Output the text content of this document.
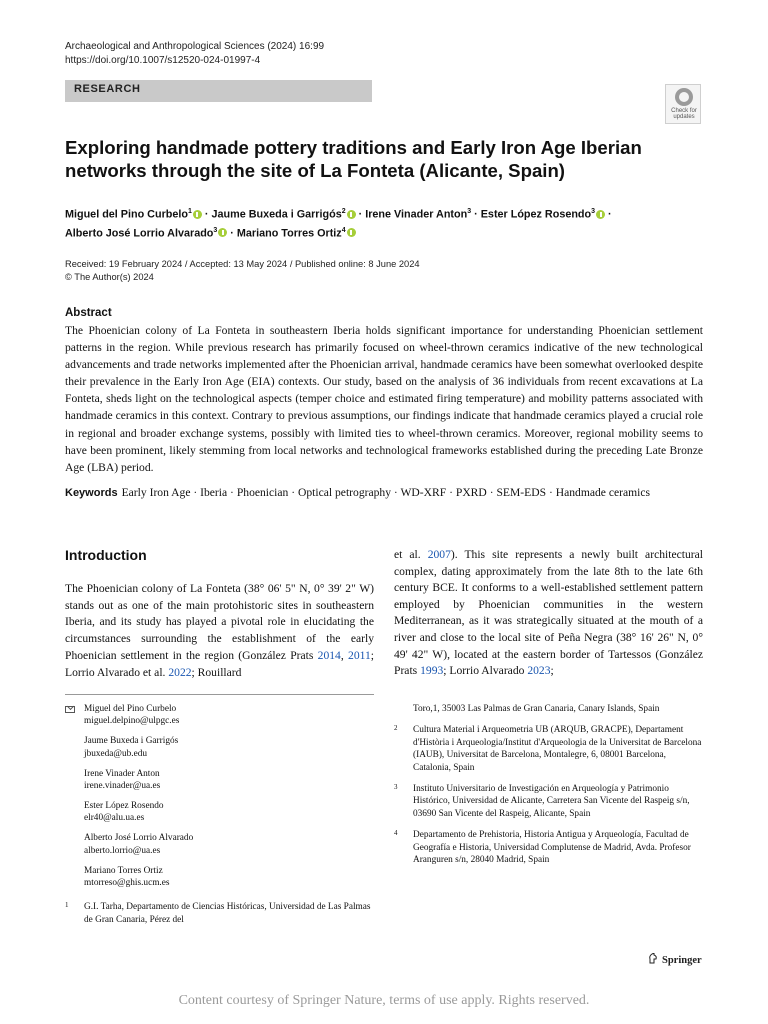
Archaeological and Anthropological Sciences (2024) 16:99
https://doi.org/10.1007/s12520-024-01997-4
RESEARCH
Check for
updates
Exploring handmade pottery traditions and Early Iron Age Iberian networks through the site of La Fonteta (Alicante, Spain)
Miguel del Pino Curbelo$^1$ · Jaume Buxeda i Garrigós$^2$ · Irene Vinader Anton$^3$ · Ester López Rosendo$^3$ ·
Alberto José Lorrio Alvarado$^3$ · Mariano Torres Ortiz$^4$
Received: 19 February 2024 / Accepted: 13 May 2024 / Published online: 8 June 2024
© The Author(s) 2024
Abstract

The Phoenician colony of La Fonteta in southeastern Iberia holds significant importance for understanding Phoenician settlement patterns in the region. While previous research has primarily focused on wheel-thrown ceramics indicative of the new technological advancements and trade networks implemented after the Phoenician arrival, handmade ceramics have been somewhat overlooked despite their prevalence in the Early Iron Age (EIA) contexts. Our study, based on the analysis of 36 individuals from recent excavations at La Fonteta, sheds light on the technological aspects (temper choice and estimated firing temperature) and mobility patterns associated with handmade ceramics in this context. Contrary to previous assumptions, our findings indicate that handmade ceramics played a crucial role in regional and broader exchange systems, possibly with limited ties to wheel-thrown ceramics. Moreover, regional mobility seems to have been prominent, likely stemming from local networks and technological frameworks established during the preceding Late Bronze Age (LBA) period.

Keywords Early Iron Age · Iberia · Phoenician · Optical petrography · WD-XRF · PXRD · SEM-EDS · Handmade ceramics
Introduction

The Phoenician colony of La Fonteta (38° 06' 5" N, 0° 39' 2" W) stands out as one of the main protohistoric sites in southeastern Iberia, and its study has played a pivotal role in elucidating the circumstances surrounding the establishment of the early Phoenician settlement in the region (González Prats 2014, 2011; Lorrio Alvarado et al. 2022; Rouillard

et al. 2007). This site represents a newly built architectural complex, dating approximately from the late 8th to the late 6th century BCE. It conforms to a well-established settlement pattern employed by Phoenician communities in the western Mediterranean, as it was strategically situated at the mouth of a river and close to the local site of Peña Negra (38° 16' 26" N, 0° 49' 42" W), located at the eastern border of Tartessos (González Prats 1993; Lorrio Alvarado 2023;

Miguel del Pino Curbelo
miguel.delpino@ulpgc.es
Jaume Buxeda i Garrigós
jbuxeda@ub.edu
Irene Vinader Anton
irene.vinader@ua.es
Ester López Rosendo
elr40@alu.ua.es
Alberto José Lorrio Alvarado
alberto.lorrio@ua.es
Mariano Torres Ortiz
mtorreso@ghis.ucm.es
1 G.I. Tarha, Departamento de Ciencias Históricas, Universidad de Las Palmas de Gran Canaria, Pérez del
Toro,1, 35003 Las Palmas de Gran Canaria, Canary Islands, Spain
2 Cultura Material i Arqueometria UB (ARQUB, GRACPE), Departament d'Història i Arqueologia/Institut d'Arqueologia de la Universitat de Barcelona (IAUB), Universitat de Barcelona, Montalegre, 6, 08001 Barcelona, Catalonia, Spain
3 Instituto Universitario de Investigación en Arqueología y Patrimonio Histórico, Universidad de Alicante, Carretera San Vicente del Raspeig s/n, 03690 San Vicente del Raspeig, Alicante, Spain
4 Departamento de Prehistoria, Historia Antigua y Arqueología, Facultad de Geografía e Historia, Universidad Complutense de Madrid, Avda. Profesor Aranguren s/n, 28040 Madrid, Spain
Springer
Content courtesy of Springer Nature, terms of use apply. Rights reserved.
